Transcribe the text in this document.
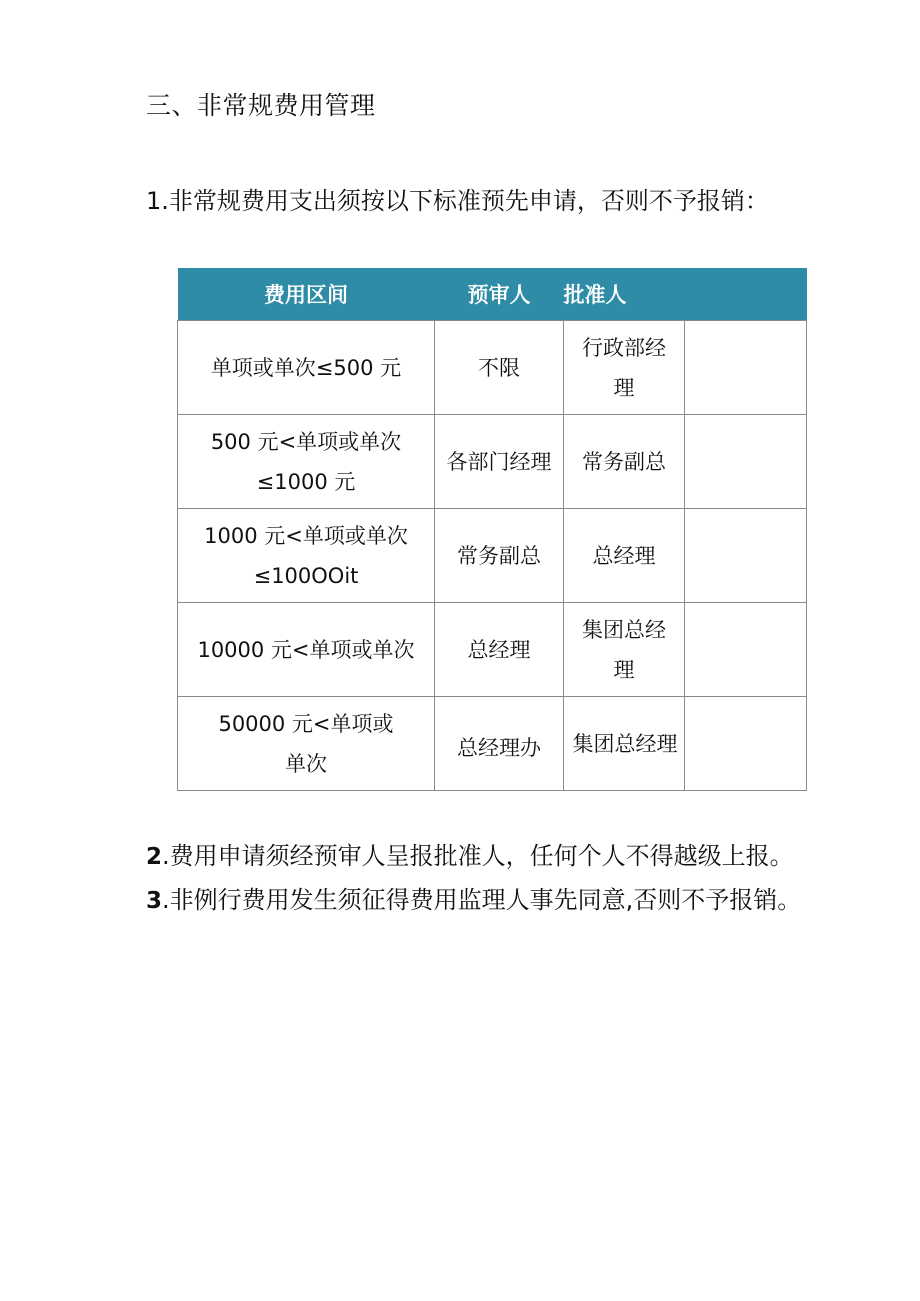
三、非常规费用管理
1.非常规费用支出须按以下标准预先申请，否则不予报销：
费用区间	预审人	批准人	
单项或单次≤500 元	不限	行政部经理	
500 元<单项或单次≤1000 元	各部门经理	常务副总	
1000 元<单项或单次≤100OOit	常务副总	总经理	

10000 元<单项或单次	总经理	集团总经理	
50000 元<单项或单次	总经理办	集团总经理	
2.费用申请须经预审人呈报批准人，任何个人不得越级上报。
3.非例行费用发生须征得费用监理人事先同意,否则不予报销。
